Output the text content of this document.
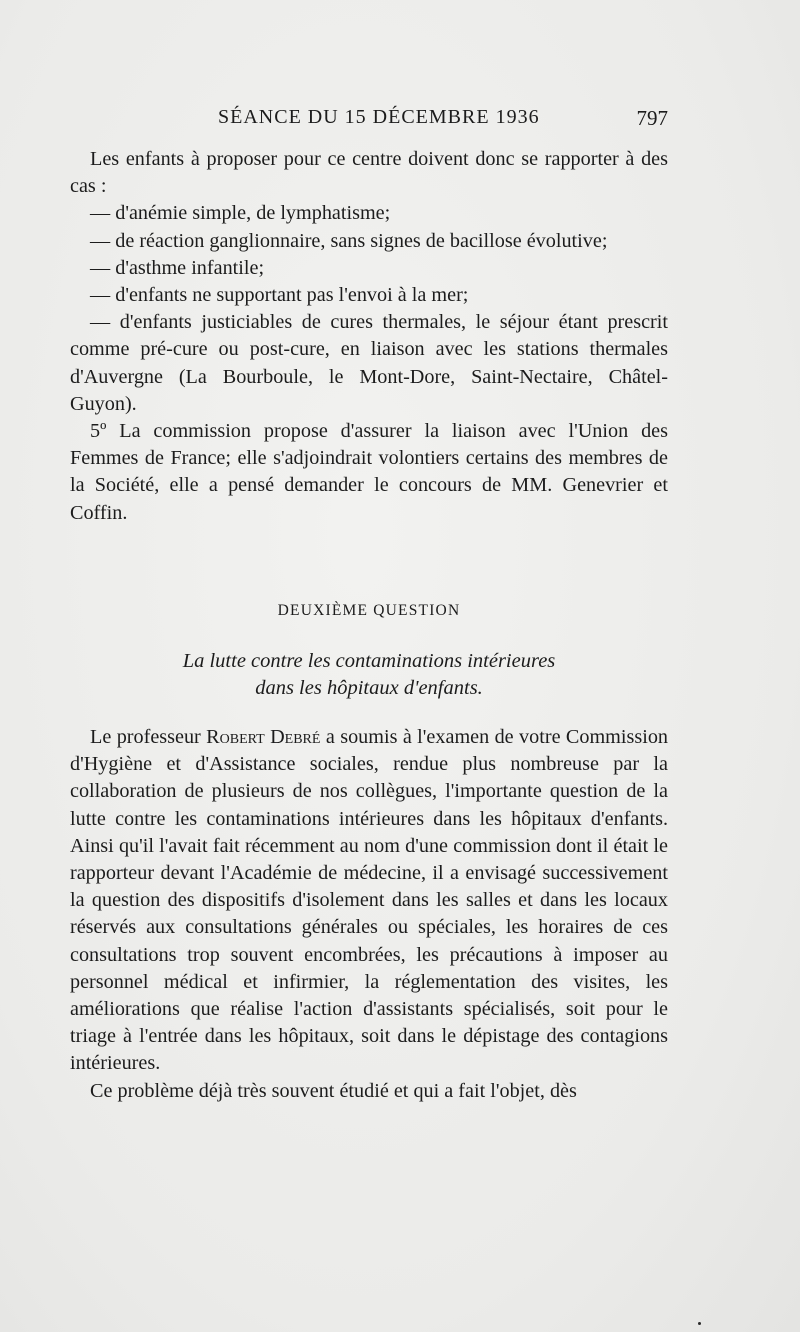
SÉANCE DU 15 DÉCEMBRE 1936	797

Les enfants à proposer pour ce centre doivent donc se rapporter à des cas :

— d'anémie simple, de lymphatisme;

— de réaction ganglionnaire, sans signes de bacillose évolutive;

— d'asthme infantile;

— d'enfants ne supportant pas l'envoi à la mer;

— d'enfants justiciables de cures thermales, le séjour étant prescrit comme pré-cure ou post-cure, en liaison avec les stations thermales d'Auvergne (La Bourboule, le Mont-Dore, Saint-Nectaire, Châtel-Guyon).

5º La commission propose d'assurer la liaison avec l'Union des Femmes de France; elle s'adjoindrait volontiers certains des membres de la Société, elle a pensé demander le concours de MM. Genevrier et Coffin.

DEUXIÈME QUESTION

La lutte contre les contaminations intérieures

dans les hôpitaux d'enfants.

Le professeur Robert Debré a soumis à l'examen de votre Commission d'Hygiène et d'Assistance sociales, rendue plus nombreuse par la collaboration de plusieurs de nos collègues, l'importante question de la lutte contre les contaminations intérieures dans les hôpitaux d'enfants. Ainsi qu'il l'avait fait récemment au nom d'une commission dont il était le rapporteur devant l'Académie de médecine, il a envisagé successivement la question des dispositifs d'isolement dans les salles et dans les locaux réservés aux consultations générales ou spéciales, les horaires de ces consultations trop souvent encombrées, les précautions à imposer au personnel médical et infirmier, la réglementation des visites, les améliorations que réalise l'action d'assistants spécialisés, soit pour le triage à l'entrée dans les hôpitaux, soit dans le dépistage des contagions intérieures.

Ce problème déjà très souvent étudié et qui a fait l'objet, dès
